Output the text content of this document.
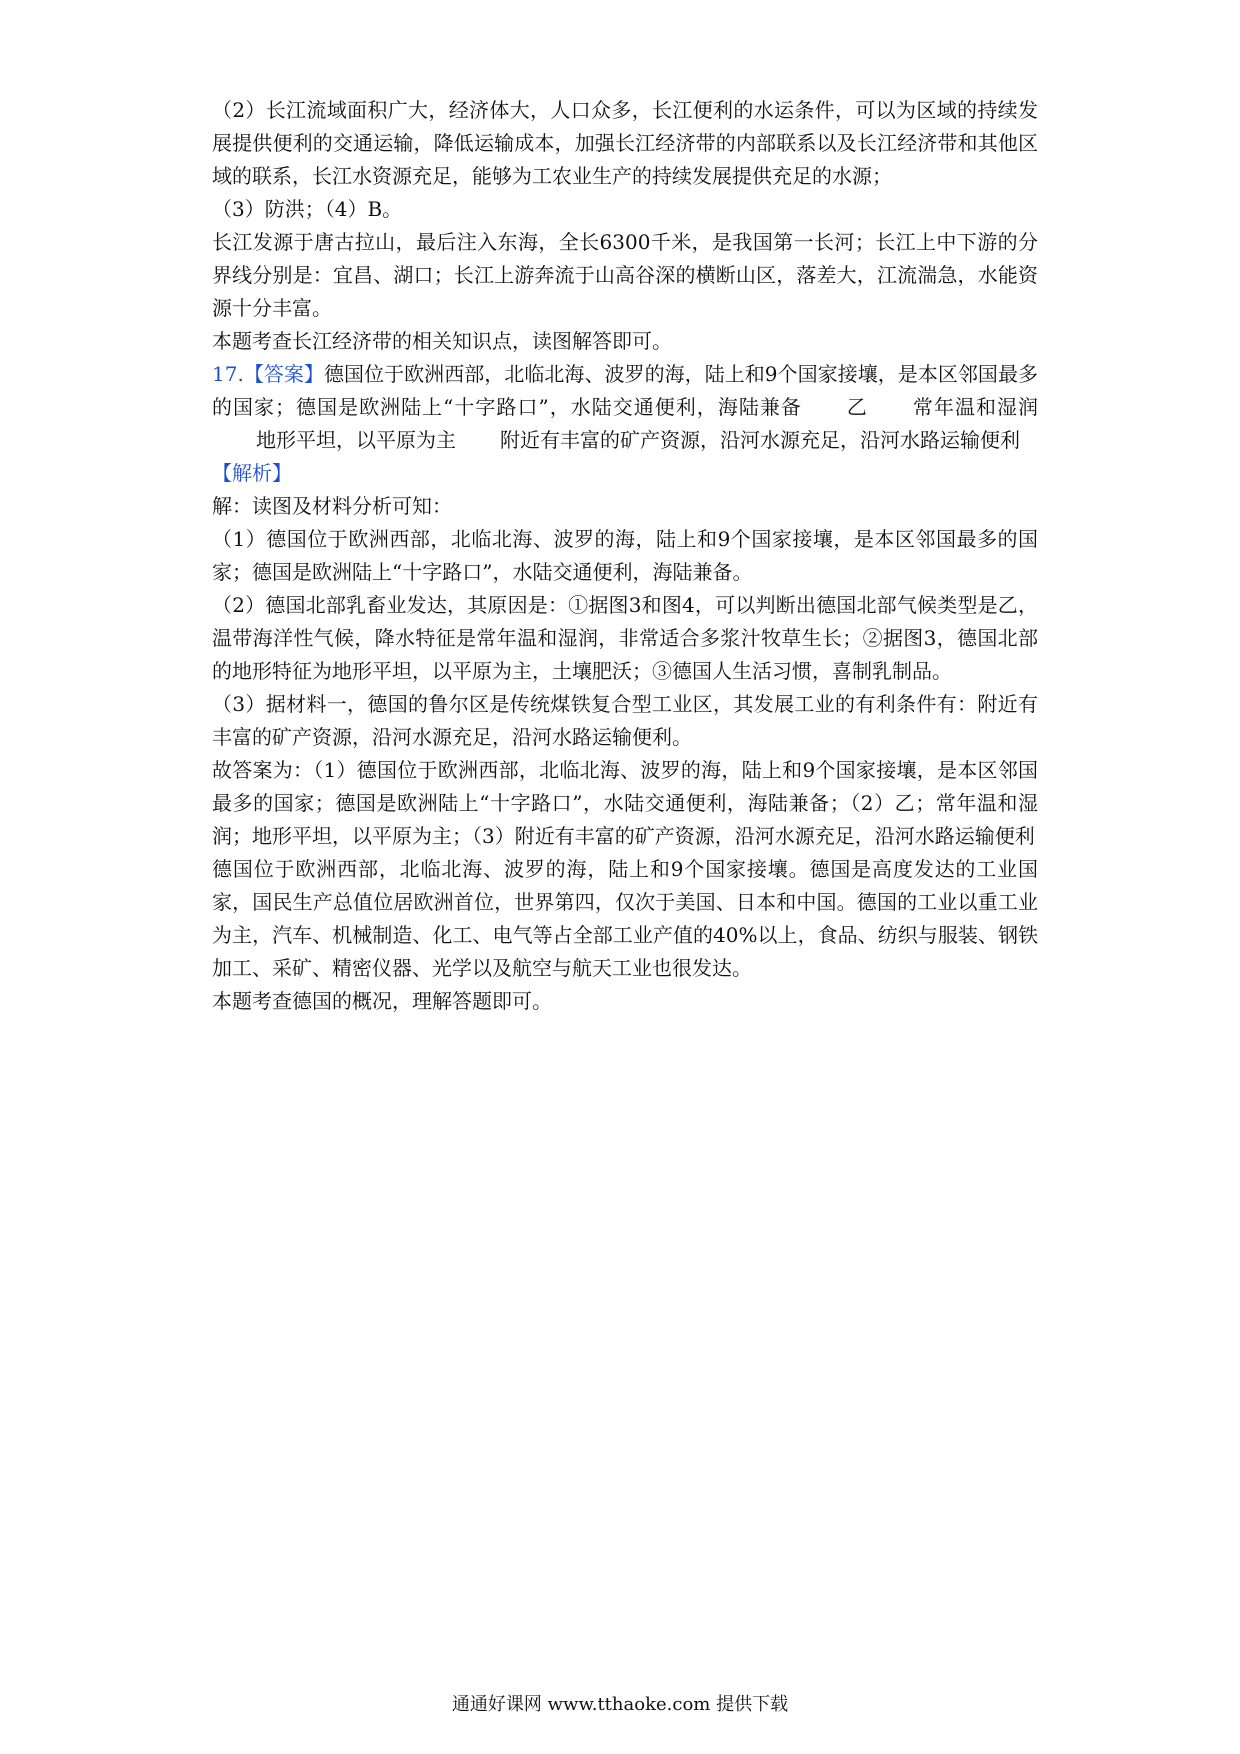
（2）长江流域面积广大，经济体大，人口众多，长江便利的水运条件，可以为区域的持续发展提供便利的交通运输，降低运输成本，加强长江经济带的内部联系以及长江经济带和其他区域的联系，长江水资源充足，能够为工农业生产的持续发展提供充足的水源；

（3）防洪；（4）B。

长江发源于唐古拉山，最后注入东海，全长6300千米，是我国第一长河；长江上中下游的分界线分别是：宜昌、湖口；长江上游奔流于山高谷深的横断山区，落差大，江流湍急，水能资源十分丰富。

本题考查长江经济带的相关知识点，读图解答即可。

17.【答案】德国位于欧洲西部，北临北海、波罗的海，陆上和9个国家接壤，是本区邻国最多的国家；德国是欧洲陆上“十字路口”，水陆交通便利，海陆兼备 乙 常年温和湿润地形平坦，以平原为主 附近有丰富的矿产资源，沿河水源充足，沿河水路运输便利

【解析】

解：读图及材料分析可知：

（1）德国位于欧洲西部，北临北海、波罗的海，陆上和9个国家接壤，是本区邻国最多的国家；德国是欧洲陆上“十字路口”，水陆交通便利，海陆兼备。

（2）德国北部乳畜业发达，其原因是：①据图3和图4，可以判断出德国北部气候类型是乙，温带海洋性气候，降水特征是常年温和湿润，非常适合多浆汁牧草生长；②据图3，德国北部的地形特征为地形平坦，以平原为主，土壤肥沃；③德国人生活习惯，喜制乳制品。

（3）据材料一，德国的鲁尔区是传统煤铁复合型工业区，其发展工业的有利条件有：附近有丰富的矿产资源，沿河水源充足，沿河水路运输便利。

故答案为：（1）德国位于欧洲西部，北临北海、波罗的海，陆上和9个国家接壤，是本区邻国最多的国家；德国是欧洲陆上“十字路口”，水陆交通便利，海陆兼备；（2）乙；常年温和湿润；地形平坦，以平原为主；（3）附近有丰富的矿产资源，沿河水源充足，沿河水路运输便利

德国位于欧洲西部，北临北海、波罗的海，陆上和9个国家接壤。德国是高度发达的工业国家，国民生产总值位居欧洲首位，世界第四，仅次于美国、日本和中国。德国的工业以重工业为主，汽车、机械制造、化工、电气等占全部工业产值的40%以上，食品、纺织与服装、钢铁加工、采矿、精密仪器、光学以及航空与航天工业也很发达。

本题考查德国的概况，理解答题即可。

通通好课网 www.tthaoke.com 提供下载
